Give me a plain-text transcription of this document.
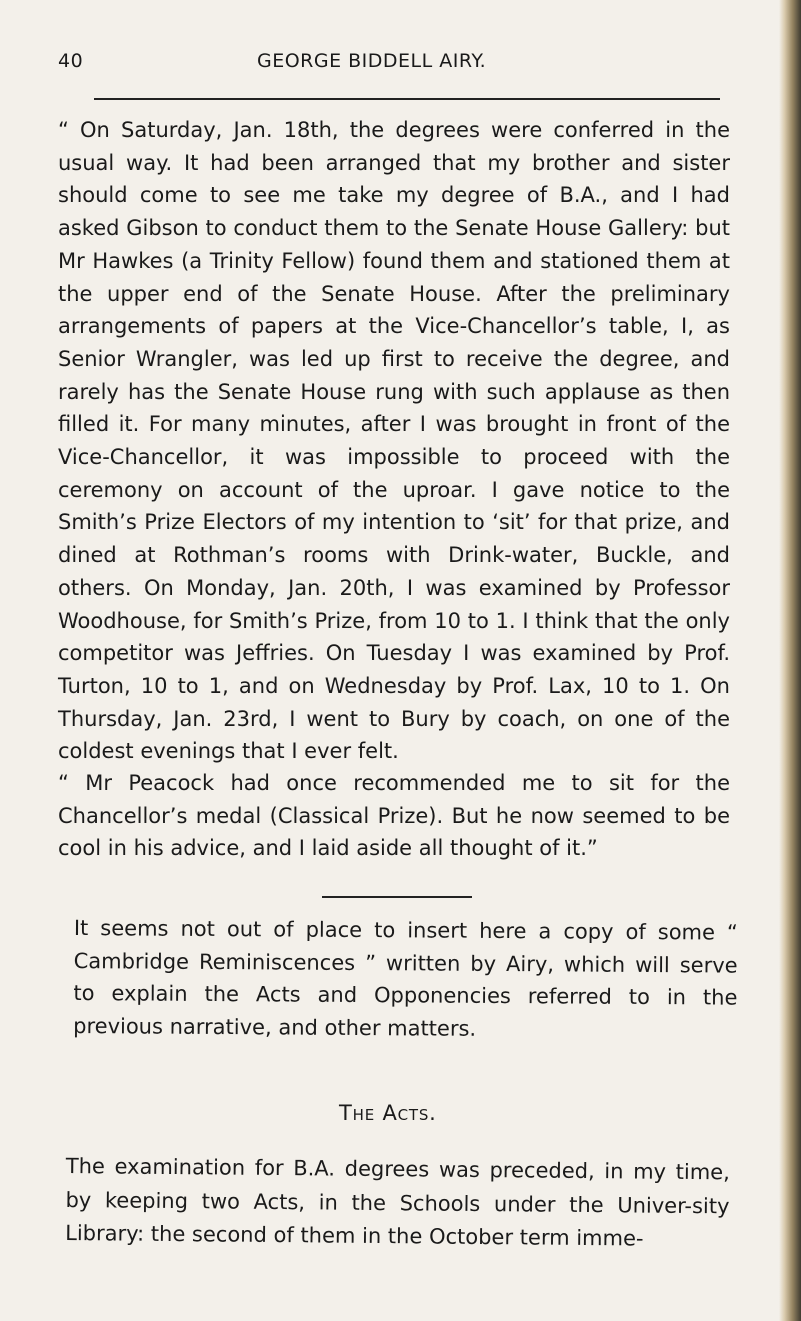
40	GEORGE BIDDELL AIRY.

“ On Saturday, Jan. 18th, the degrees were conferred in the usual way. It had been arranged that my brother and sister should come to see me take my degree of B.A., and I had asked Gibson to conduct them to the Senate House Gallery: but Mr Hawkes (a Trinity Fellow) found them and stationed them at the upper end of the Senate House. After the preliminary arrangements of papers at the Vice-Chancellor’s table, I, as Senior Wrangler, was led up first to receive the degree, and rarely has the Senate House rung with such applause as then filled it. For many minutes, after I was brought in front of the Vice-Chancellor, it was impossible to proceed with the ceremony on account of the uproar. I gave notice to the Smith’s Prize Electors of my intention to ‘sit’ for that prize, and dined at Rothman’s rooms with Drink-water, Buckle, and others. On Monday, Jan. 20th, I was examined by Professor Woodhouse, for Smith’s Prize, from 10 to 1. I think that the only competitor was Jeffries. On Tuesday I was examined by Prof. Turton, 10 to 1, and on Wednesday by Prof. Lax, 10 to 1. On Thursday, Jan. 23rd, I went to Bury by coach, on one of the coldest evenings that I ever felt.

“ Mr Peacock had once recommended me to sit for the Chancellor’s medal (Classical Prize). But he now seemed to be cool in his advice, and I laid aside all thought of it.”

It seems not out of place to insert here a copy of some “ Cambridge Reminiscences ” written by Airy, which will serve to explain the Acts and Opponencies referred to in the previous narrative, and other matters.

The Acts.

The examination for B.A. degrees was preceded, in my time, by keeping two Acts, in the Schools under the Univer-sity Library: the second of them in the October term imme-
